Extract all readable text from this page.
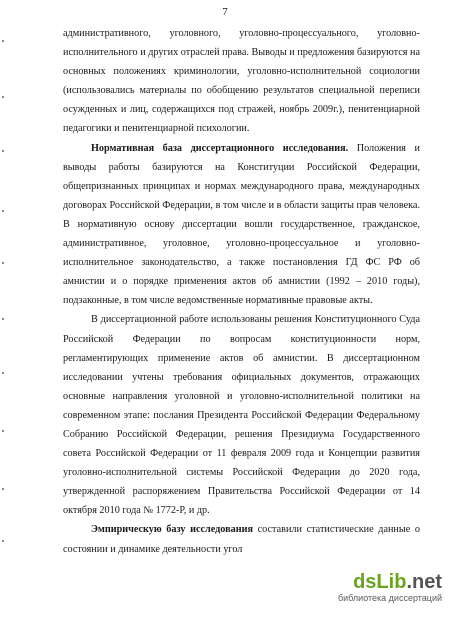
7

административного, уголовного, уголовно-процессуального, уголовно-исполнительного и других отраслей права. Выводы и предложения базируются на основных положениях криминологии, уголовно-исполнительной социологии (использовались материалы по обобщению результатов специальной переписи осужденных и лиц, содержащихся под стражей, ноябрь 2009г.), пенитенциарной педагогики и пенитенциарной психологии.

Нормативная база диссертационного исследования. Положения и выводы работы базируются на Конституции Российской Федерации, общепризнанных принципах и нормах международного права, международных договорах Российской Федерации, в том числе и в области защиты прав человека. В нормативную основу диссертации вошли государственное, гражданское, административное, уголовное, уголовно-процессуальное и уголовно-исполнительное законодательство, а также постановления ГД ФС РФ об амнистии и о порядке применения актов об амнистии (1992 – 2010 годы), подзаконные, в том числе ведомственные нормативные правовые акты.

В диссертационной работе использованы решения Конституционного Суда Российской Федерации по вопросам конституционности норм, регламентирующих применение актов об амнистии. В диссертационном исследовании учтены требования официальных документов, отражающих основные направления уголовной и уголовно-исполнительной политики на современном этапе: послания Президента Российской Федерации Федеральному Собранию Российской Федерации, решения Президиума Государственного совета Российской Федерации от 11 февраля 2009 года и Концепции развития уголовно-исполнительной системы Российской Федерации до 2020 года, утвержденной распоряжением Правительства Российской Федерации от 14 октября 2010 года № 1772-Р, и др.

Эмпирическую базу исследования составили статистические данные о состоянии и динамике деятельности угол

dsLib.net
библиотека диссертаций
